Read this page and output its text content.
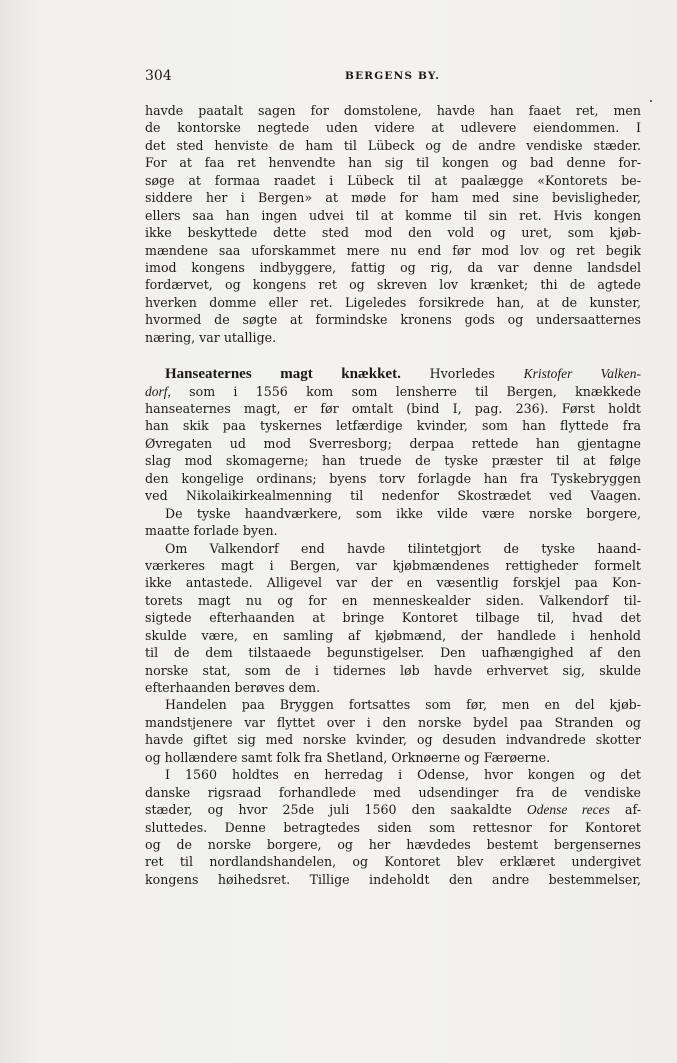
304	BERGENS BY.
havde paatalt sagen for domstolene, havde han faaet ret, men
de kontorske negtede uden videre at udlevere eiendommen. I
det sted henviste de ham til Lübeck og de andre vendiske stæder.
For at faa ret henvendte han sig til kongen og bad denne for-
søge at formaa raadet i Lübeck til at paalægge «Kontorets be-
siddere her i Bergen» at møde for ham med sine bevisligheder,
ellers saa han ingen udvei til at komme til sin ret. Hvis kongen
ikke beskyttede dette sted mod den vold og uret, som kjøb-
mændene saa uforskammet mere nu end før mod lov og ret begik
imod kongens indbyggere, fattig og rig, da var denne landsdel
fordærvet, og kongens ret og skreven lov krænket; thi de agtede
hverken domme eller ret. Ligeledes forsikrede han, at de kunster,
hvormed de søgte at formindske kronens gods og undersaatternes
næring, var utallige.
Hanseaternes magt knækket. Hvorledes Kristofer Valken-
dorf, som i 1556 kom som lensherre til Bergen, knækkede
hanseaternes magt, er før omtalt (bind I, pag. 236). Først holdt
han skik paa tyskernes letfærdige kvinder, som han flyttede fra
Øvregaten ud mod Sverresborg; derpaa rettede han gjentagne
slag mod skomagerne; han truede de tyske præster til at følge
den kongelige ordinans; byens torv forlagde han fra Tyskebryggen
ved Nikolaikirkealmenning til nedenfor Skostrædet ved Vaagen.
De tyske haandværkere, som ikke vilde være norske borgere,
maatte forlade byen.
Om Valkendorf end havde tilintetgjort de tyske haand-
værkeres magt i Bergen, var kjøbmændenes rettigheder formelt
ikke antastede. Alligevel var der en væsentlig forskjel paa Kon-
torets magt nu og for en menneskealder siden. Valkendorf til-
sigtede efterhaanden at bringe Kontoret tilbage til, hvad det
skulde være, en samling af kjøbmænd, der handlede i henhold
til de dem tilstaaede begunstigelser. Den uafhængighed af den
norske stat, som de i tidernes løb havde erhvervet sig, skulde
efterhaanden berøves dem.
Handelen paa Bryggen fortsattes som før, men en del kjøb-
mandstjenere var flyttet over i den norske bydel paa Stranden og
havde giftet sig med norske kvinder, og desuden indvandrede skotter
og hollændere samt folk fra Shetland, Orknøerne og Færøerne.
I 1560 holdtes en herredag i Odense, hvor kongen og det
danske rigsraad forhandlede med udsendinger fra de vendiske
stæder, og hvor 25de juli 1560 den saakaldte Odense reces af-
sluttedes. Denne betragtedes siden som rettesnor for Kontoret
og de norske borgere, og her hævdedes bestemt bergensernes
ret til nordlandshandelen, og Kontoret blev erklæret undergivet
kongens høihedsret. Tillige indeholdt den andre bestemmelser,
